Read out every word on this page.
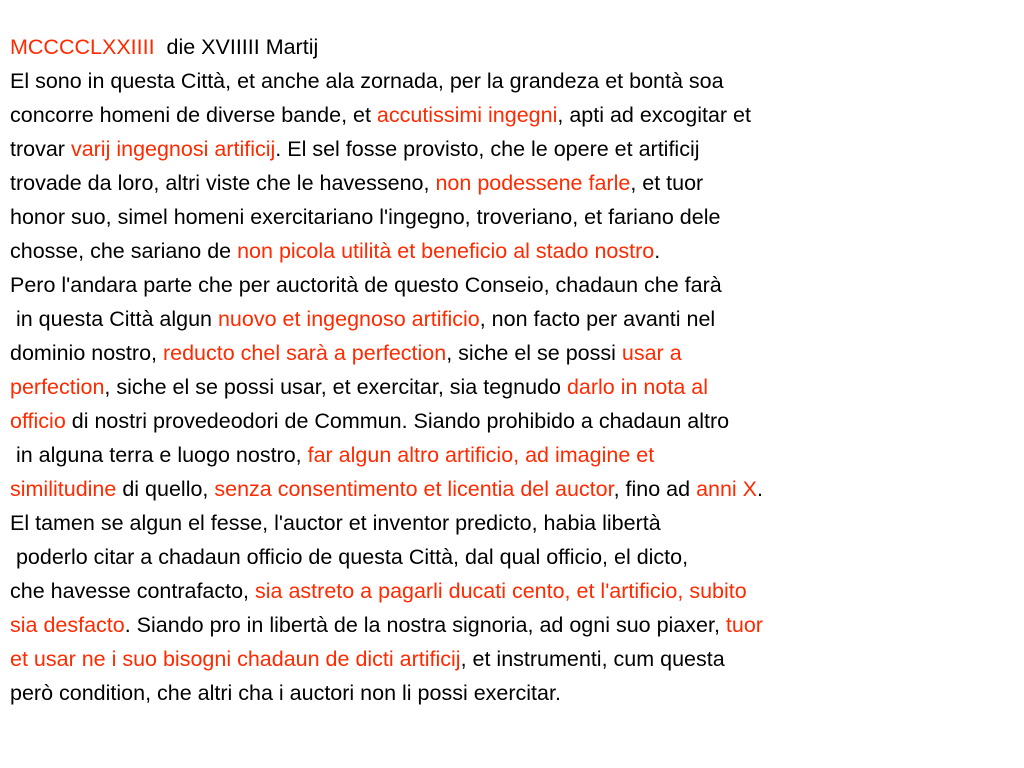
MCCCCLXXIIII  die XVIIIII Martij
El sono in questa Città, et anche ala zornada, per la grandeza et bontà soa
concorre homeni de diverse bande, et accutissimi ingegni, apti ad excogitar et
trovar varij ingegnosi artificij. El sel fosse provisto, che le opere et artificij
trovade da loro, altri viste che le havesseno, non podessene farle, et tuor
honor suo, simel homeni exercitariano l'ingegno, troveriano, et fariano dele
chosse, che sariano de non picola utilità et beneficio al stado nostro.
Pero l'andara parte che per auctorità de questo Conseio, chadaun che farà
in questa Città algun nuovo et ingegnoso artificio, non facto per avanti nel
dominio nostro, reducto chel sarà a perfection, siche el se possi usar a
perfection, siche el se possi usar, et exercitar, sia tegnudo darlo in nota al
officio di nostri provedeodori de Commun. Siando prohibido a chadaun altro
in alguna terra e luogo nostro, far algun altro artificio, ad imagine et
similitudine di quello, senza consentimento et licentia del auctor, fino ad anni X.
El tamen se algun el fesse, l'auctor et inventor predicto, habia libertà
poderlo citar a chadaun officio de questa Città, dal qual officio, el dicto,
che havesse contrafacto, sia astreto a pagarli ducati cento, et l'artificio, subito
sia desfacto. Siando pro in libertà de la nostra signoria, ad ogni suo piaxer, tuor
et usar ne i suo bisogni chadaun de dicti artificij, et instrumenti, cum questa
però condition, che altri cha i auctori non li possi exercitar.
